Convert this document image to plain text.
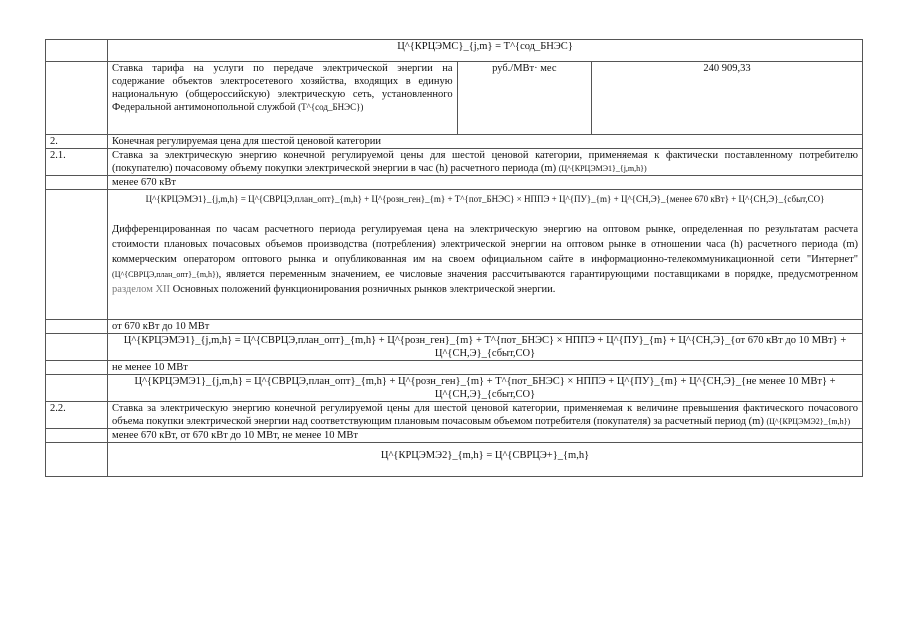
	Ц^{КРЦЭМС}_{j,m} = T^{сод_БНЭС}		
	Ставка тарифа на услуги по передаче электрической энергии на содержание объектов электросетевого хозяйства, входящих в единую национальную (общероссийскую) электрическую сеть, установленного Федеральной антимонопольной службой (T^{сод_БНЭС})	руб./МВт· мес	240 909,33
2.	Конечная регулируемая цена для шестой ценовой категории		
2.1.	Ставка за электрическую энергию конечной регулируемой цены для шестой ценовой категории, применяемая к фактически поставленному потребителю (покупателю) почасовому объему покупки электрической энергии в час (h) расчетного периода (m) (Ц^{КРЦЭМЭ1}_{j,m,h})		
	менее 670 кВт		

	Ц^{КРЦЭМЭ1}_{j,m,h} = Ц^{СВРЦЭ,план_опт}_{m,h} + Ц^{розн_ген}_{m} + T^{пот_БНЭС} × НППЭ + Ц^{ПУ}_{m} + Ц^{СН,Э}_{менее 670 кВт} + Ц^{СН,Э}_{сбыт,СО}
Дифференцированная по часам расчетного периода регулируемая цена на электрическую энергию на оптовом рынке, определенная по результатам расчета стоимости плановых почасовых объемов производства (потребления) электрической энергии на оптовом рынке в отношении часа (h) расчетного периода (m) коммерческим оператором оптового рынка и опубликованная им на своем официальном сайте в информационно-телекоммуникационной сети "Интернет" (Ц^{СВРЦЭ,план_опт}_{m,h}), является переменным значением, ее числовые значения рассчитываются гарантирующими поставщиками в порядке, предусмотренном разделом XII Основных положений функционирования розничных рынков электрической энергии.		

	от 670 кВт до 10 МВт		
	Ц^{КРЦЭМЭ1}_{j,m,h} = Ц^{СВРЦЭ,план_опт}_{m,h} + Ц^{розн_ген}_{m} + T^{пот_БНЭС} × НППЭ + Ц^{ПУ}_{m} + Ц^{СН,Э}_{от 670 кВт до 10 МВт} + Ц^{СН,Э}_{сбыт,СО}		
	не менее 10 МВт		
	Ц^{КРЦЭМЭ1}_{j,m,h} = Ц^{СВРЦЭ,план_опт}_{m,h} + Ц^{розн_ген}_{m} + T^{пот_БНЭС} × НППЭ + Ц^{ПУ}_{m} + Ц^{СН,Э}_{не менее 10 МВт} + Ц^{СН,Э}_{сбыт,СО}		
2.2.	Ставка за электрическую энергию конечной регулируемой цены для шестой ценовой категории, применяемая к величине превышения фактического почасового объема покупки электрической энергии над соответствующим плановым почасовым объемом потребителя (покупателя) за расчетный период (m) (Ц^{КРЦЭМЭ2}_{m,h})		
	менее 670 кВт, от 670 кВт до 10 МВт, не менее 10 МВт		
	Ц^{КРЦЭМЭ2}_{m,h} = Ц^{СВРЦЭ+}_{m,h}		
